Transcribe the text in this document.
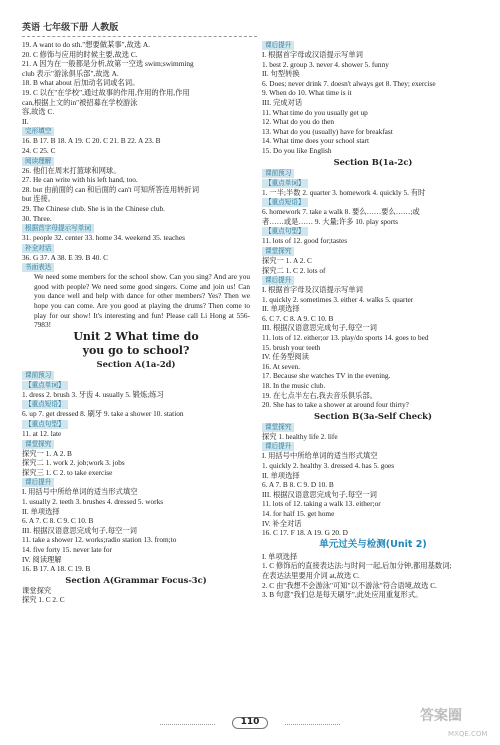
英语 七年级下册 人教版
19. A want to do sth."想要做某事",故选 A.
20. C 修饰与应用的时候主要,故选 C.
21. A 因为在一般都是分析,故第一空选 swim;swimming
club 表示"游泳俱乐部",故选 A.
18. B what about 后加动名词或名词。
19. C 以在"在学校",通过故事的作用,作用的作用,作用
can,根据上文的in"被招募在学校游泳
容,故选 C.
II.
完形填空
16. B 17. B 18. A 19. C 20. C 21. B 22. A 23. B
24. C 25. C
阅读理解
26. 他们在周末打篮球和网球。
27. He can write with his left hand, too.
28. but 由前面的 can 和后面的 can't 可知所答连用转折词
but 连接。
29. The Chinese club. She is in the Chinese club.
30. Three.
根据首字母提示写单词
31. people 32. center 33. home 34. weekend 35. teaches
补全对话
36. G 37. A 38. E 39. B 40. C
书面表达
We need some members for the school show. Can you sing? And are you good with people? We need some good singers. Come and join us! Can you dance well and help with dance for other members? Yes? Then we hope you can come. Are you good at playing the drums? Then come to play for our show! It's interesting and fun! Please call Li Hong at 556-7983!
Unit 2 What time do
you go to school?
Section A(1a-2d)
课前预习
【重点单词】
1. dress 2. brush 3. 牙齿 4. usually 5. 锻炼;练习
【重点短语】
6. up 7. get dressed 8. 刷牙 9. take a shower 10. station
【重点句型】
11. at 12. late
课堂探究
探究一 1. A 2. B
探究二 1. work 2. job;work 3. jobs
探究三 1. C 2. to take exercise
课后提升
I. 用括号中所给单词的适当形式填空
1. usually 2. teeth 3. brushes 4. dressed 5. works
II. 单项选择
6. A 7. C 8. C 9. C 10. B
III. 根据汉语意思完成句子,每空一词
11. take a shower 12. works;radio station 13. from;to
14. five forty 15. never late for
IV. 阅读理解
16. B 17. A 18. C 19. B
Section A(Grammar Focus-3c)
课堂探究
探究 1. C 2. C
课后提升
I. 根据首字母或汉语提示写单词
1. best 2. group 3. never 4. shower 5. funny
II. 句型转换
6. Does; never drink 7. doesn't always get 8. They; exercise
9. When do 10. What time is it
III. 完成对话
11. What time do you usually get up
12. What do you do then
13. What do you (usually) have for breakfast
14. What time does your school start
15. Do you like English
Section B(1a-2c)
课前预习
【重点单词】
1. 一半;半数 2. quarter 3. homework 4. quickly 5. 有时
【重点短语】
6. homework 7. take a walk 8. 要么……要么……;或
者……或是…… 9. 大量;许多 10. play sports
【重点句型】
11. lots of 12. good for;tastes
课堂探究
探究一 1. A 2. C
探究二 1. C 2. lots of
课后提升
I. 根据首字母及汉语提示写单词
1. quickly 2. sometimes 3. either 4. walks 5. quarter
II. 单项选择
6. C 7. C 8. A 9. C 10. B
III. 根据汉语意思完成句子,每空一词
11. lots of 12. either;or 13. play/do sports 14. goes to bed
15. brush your teeth
IV. 任务型阅读
16. At seven.
17. Because she watches TV in the evening.
18. In the music club.
19. 在七点半左右,我去音乐俱乐部。
20. She has to take a shower at around four thirty?
Section B(3a-Self Check)
课堂探究
探究 1. healthy life 2. life
课后提升
I. 用括号中所给单词的适当形式填空
1. quickly 2. healthy 3. dressed 4. has 5. goes
II. 单项选择
6. A 7. B 8. C 9. D 10. B
III. 根据汉语意思完成句子,每空一词
11. lots of 12. taking a walk 13. either;or
14. for half 15. get home
IV. 补全对话
16. C 17. F 18. A 19. G 20. D
单元过关与检测(Unit 2)
I. 单项选择
1. C 修饰后的直接表达法:与时间一起,后加分钟,都用基数词;
在表达法里要用介词 at,故选 C.
2. C 由"我想不会游泳"可知"以不游泳"符合语境,故选 C.
3. B 句意"我们总是每天刷牙",此处应用重复形式。
110	答案圈
MXQE.COM
